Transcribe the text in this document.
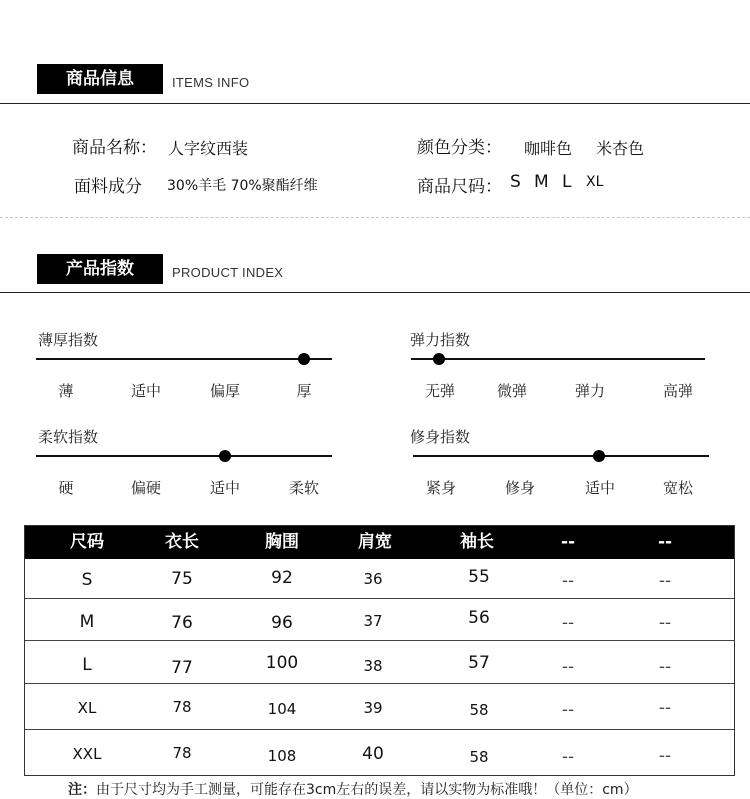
商品信息	ITEMS INFO
商品名称： 人字纹西装	颜色分类： 咖啡色 米杏色
面料成分 30%羊毛 70%聚酯纤维	商品尺码： S M L XL
产品指数	PRODUCT INDEX
薄厚指数
薄	适中	偏厚	厚
弹力指数
无弹	微弹	弹力	高弹
柔软指数
硬	偏硬	适中	柔软
修身指数
紧身	修身	适中	宽松
尺码	衣长	胸围	肩宽	袖长	--	--
S	75	92	36	55	--	--
M	76	96	37	56	--	--
L	77	100	38	57	--	--
XL	78	104	39	58	--	--
XXL	78	108	40	58	--	--
注：由于尺寸均为手工测量，可能存在3cm左右的误差，请以实物为标准哦！（单位：cm）
